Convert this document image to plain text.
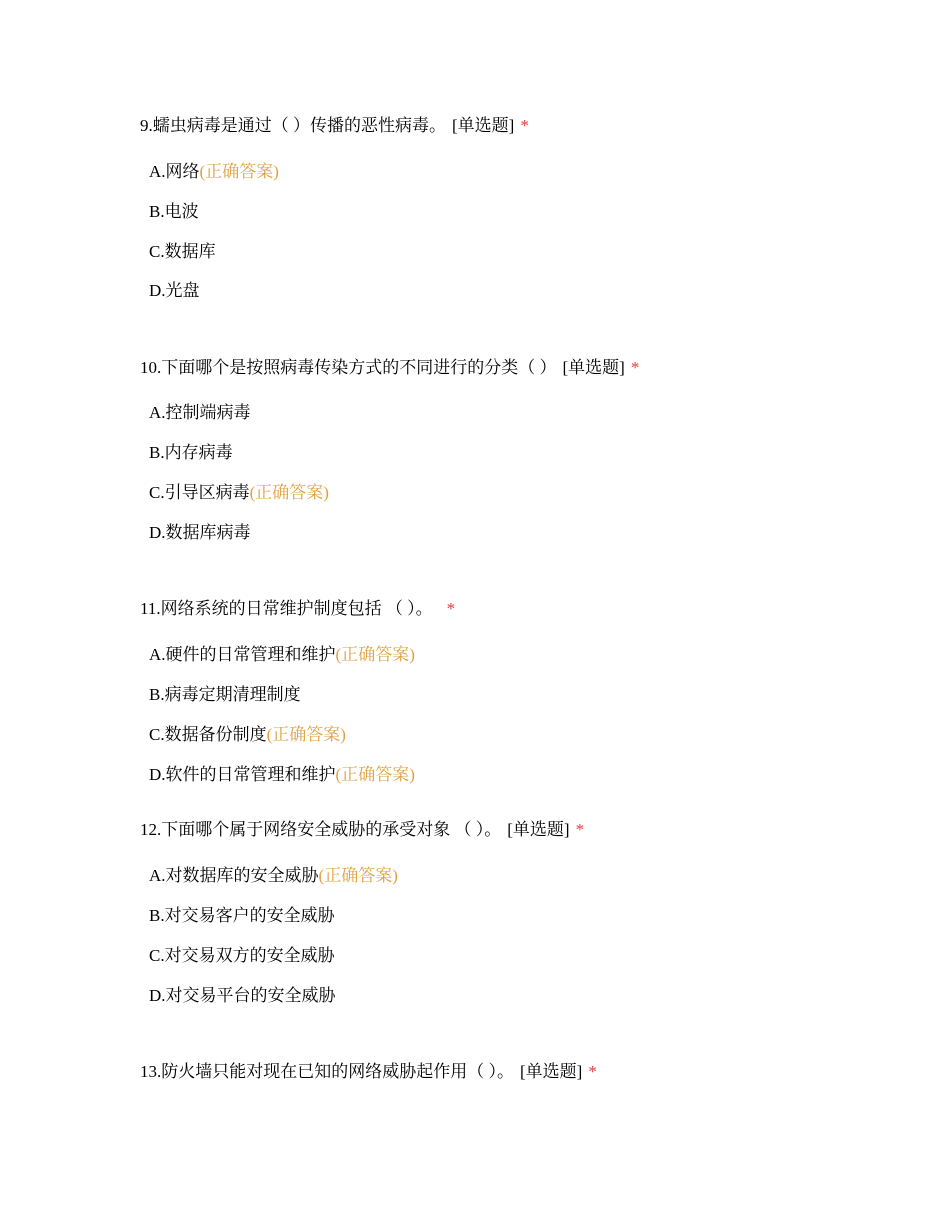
9.蠕虫病毒是通过（ ）传播的恶性病毒。 [单选题] *
A.网络(正确答案)
B.电波
C.数据库
D.光盘
10.下面哪个是按照病毒传染方式的不同进行的分类（ ） [单选题] *
A.控制端病毒
B.内存病毒
C.引导区病毒(正确答案)
D.数据库病毒
11.网络系统的日常维护制度包括 （ ）。 *
A.硬件的日常管理和维护(正确答案)
B.病毒定期清理制度
C.数据备份制度(正确答案)
D.软件的日常管理和维护(正确答案)
12.下面哪个属于网络安全威胁的承受对象 （ ）。 [单选题] *
A.对数据库的安全威胁(正确答案)
B.对交易客户的安全威胁
C.对交易双方的安全威胁
D.对交易平台的安全威胁
13.防火墙只能对现在已知的网络威胁起作用（ ）。 [单选题] *
